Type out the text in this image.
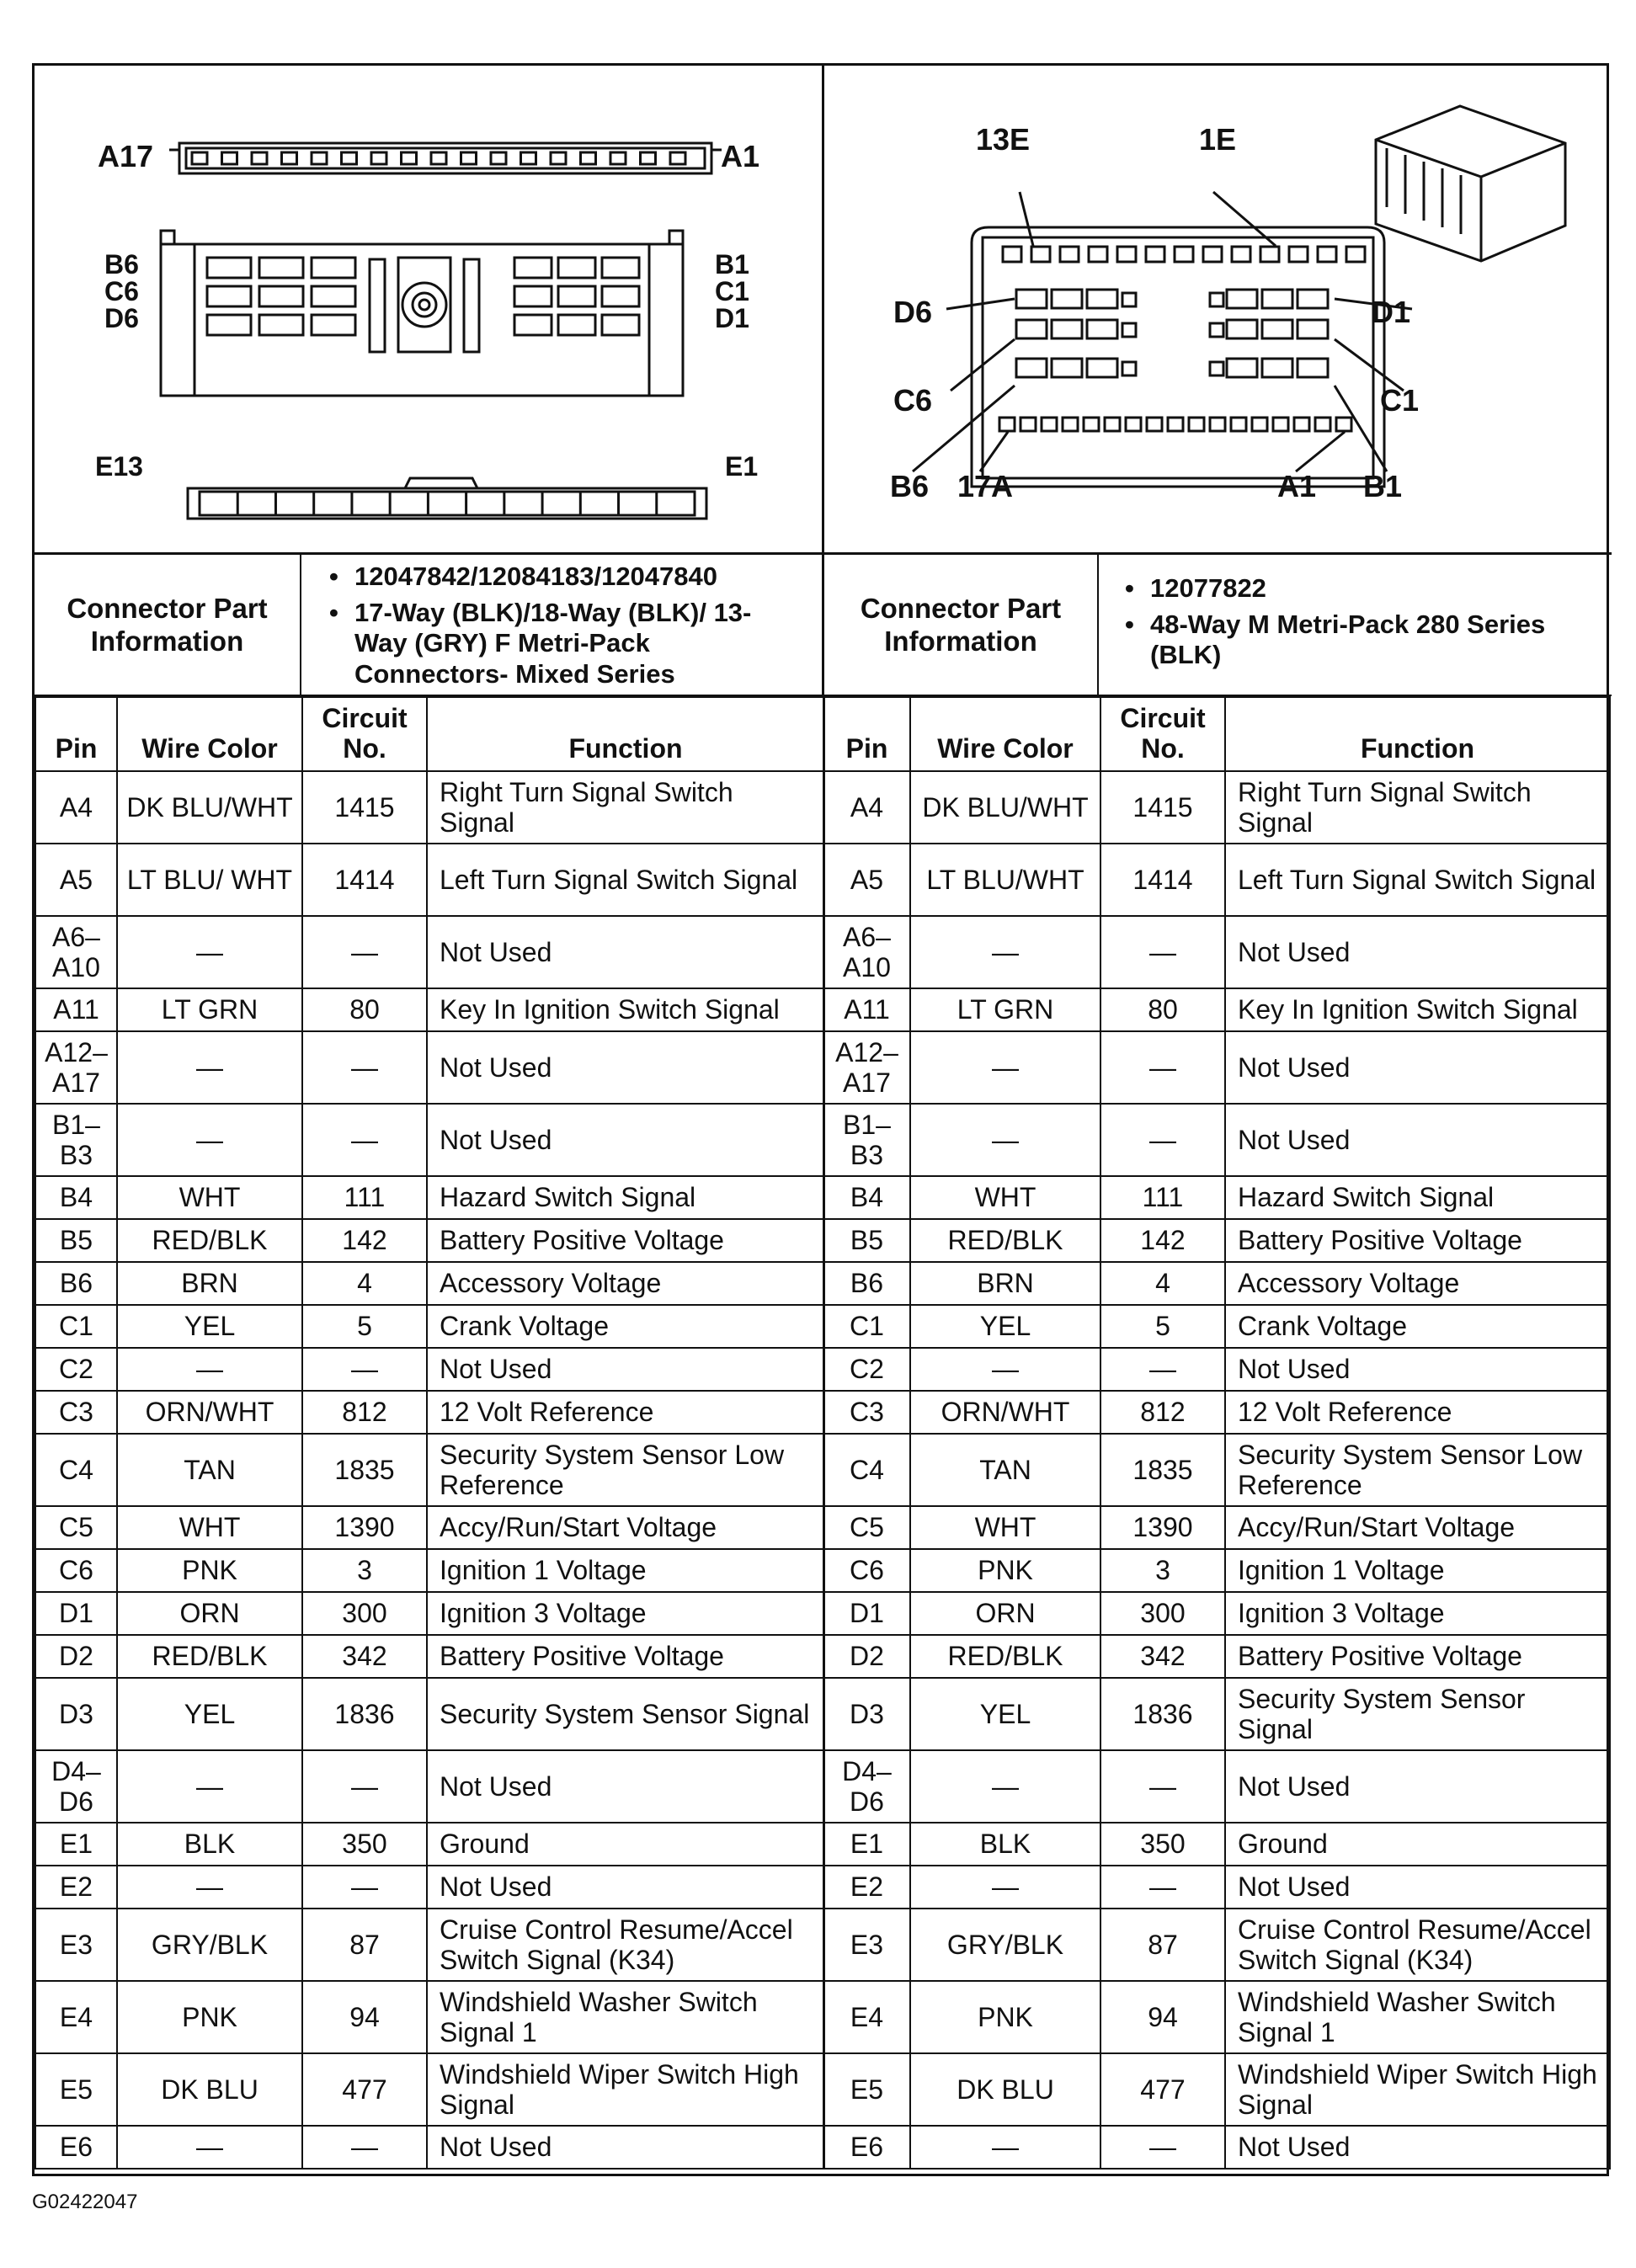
A17	A1
B6
C6
D6
B1
C1
D1
E13	E1
13E	1E
D6	D1
C6	C1
B6 17A	A1 B1
Connector Part Information
• 12047842/12084183/12047840
• 17-Way (BLK)/18-Way (BLK)/ 13-Way (GRY) F Metri-Pack Connectors- Mixed Series
Connector Part Information
• 12077822
• 48-Way M Metri-Pack 280 Series (BLK)
Pin	Wire Color	Circuit No.	Function
A4	DK BLU/WHT	1415	Right Turn Signal Switch Signal
A5	LT BLU/ WHT	1414	Left Turn Signal Switch Signal
A6– A10	—	—	Not Used
A11	LT GRN	80	Key In Ignition Switch Signal
A12– A17	—	—	Not Used
B1– B3	—	—	Not Used
B4	WHT	111	Hazard Switch Signal
B5	RED/BLK	142	Battery Positive Voltage
B6	BRN	4	Accessory Voltage
C1	YEL	5	Crank Voltage
C2	—	—	Not Used
C3	ORN/WHT	812	12 Volt Reference
C4	TAN	1835	Security System Sensor Low Reference
C5	WHT	1390	Accy/Run/Start Voltage
C6	PNK	3	Ignition 1 Voltage
D1	ORN	300	Ignition 3 Voltage
D2	RED/BLK	342	Battery Positive Voltage
D3	YEL	1836	Security System Sensor Signal
D4– D6	—	—	Not Used
E1	BLK	350	Ground
E2	—	—	Not Used
E3	GRY/BLK	87	Cruise Control Resume/Accel Switch Signal (K34)
E4	PNK	94	Windshield Washer Switch Signal 1
E5	DK BLU	477	Windshield Wiper Switch High Signal
E6	—	—	Not Used
Pin	Wire Color	Circuit No.	Function
A4	DK BLU/WHT	1415	Right Turn Signal Switch Signal
A5	LT BLU/WHT	1414	Left Turn Signal Switch Signal
A6– A10	—	—	Not Used
A11	LT GRN	80	Key In Ignition Switch Signal
A12– A17	—	—	Not Used
B1– B3	—	—	Not Used
B4	WHT	111	Hazard Switch Signal
B5	RED/BLK	142	Battery Positive Voltage
B6	BRN	4	Accessory Voltage
C1	YEL	5	Crank Voltage
C2	—	—	Not Used
C3	ORN/WHT	812	12 Volt Reference
C4	TAN	1835	Security System Sensor Low Reference
C5	WHT	1390	Accy/Run/Start Voltage
C6	PNK	3	Ignition 1 Voltage
D1	ORN	300	Ignition 3 Voltage
D2	RED/BLK	342	Battery Positive Voltage
D3	YEL	1836	Security System Sensor Signal
D4– D6	—	—	Not Used
E1	BLK	350	Ground
E2	—	—	Not Used
E3	GRY/BLK	87	Cruise Control Resume/Accel Switch Signal (K34)
E4	PNK	94	Windshield Washer Switch Signal 1
E5	DK BLU	477	Windshield Wiper Switch High Signal
E6	—	—	Not Used
G02422047
